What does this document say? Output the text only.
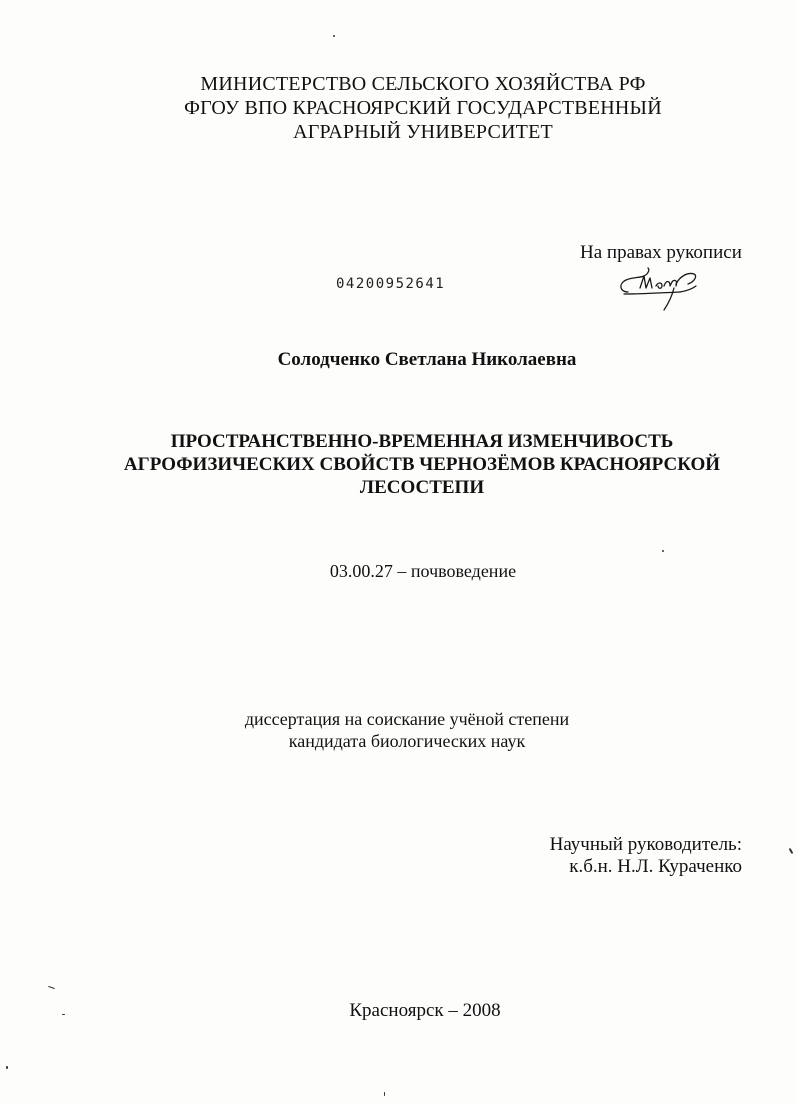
МИНИСТЕРСТВО СЕЛЬСКОГО ХОЗЯЙСТВА РФ
ФГОУ ВПО КРАСНОЯРСКИЙ ГОСУДАРСТВЕННЫЙ
АГРАРНЫЙ УНИВЕРСИТЕТ
На правах рукописи
04200952641
Солодченко Светлана Николаевна
ПРОСТРАНСТВЕННО-ВРЕМЕННАЯ ИЗМЕНЧИВОСТЬ
АГРОФИЗИЧЕСКИХ СВОЙСТВ ЧЕРНОЗЁМОВ КРАСНОЯРСКОЙ
ЛЕСОСТЕПИ
03.00.27 – почвоведение
диссертация на соискание учёной степени
кандидата биологических наук
Научный руководитель:
к.б.н. Н.Л. Кураченко
Красноярск – 2008
